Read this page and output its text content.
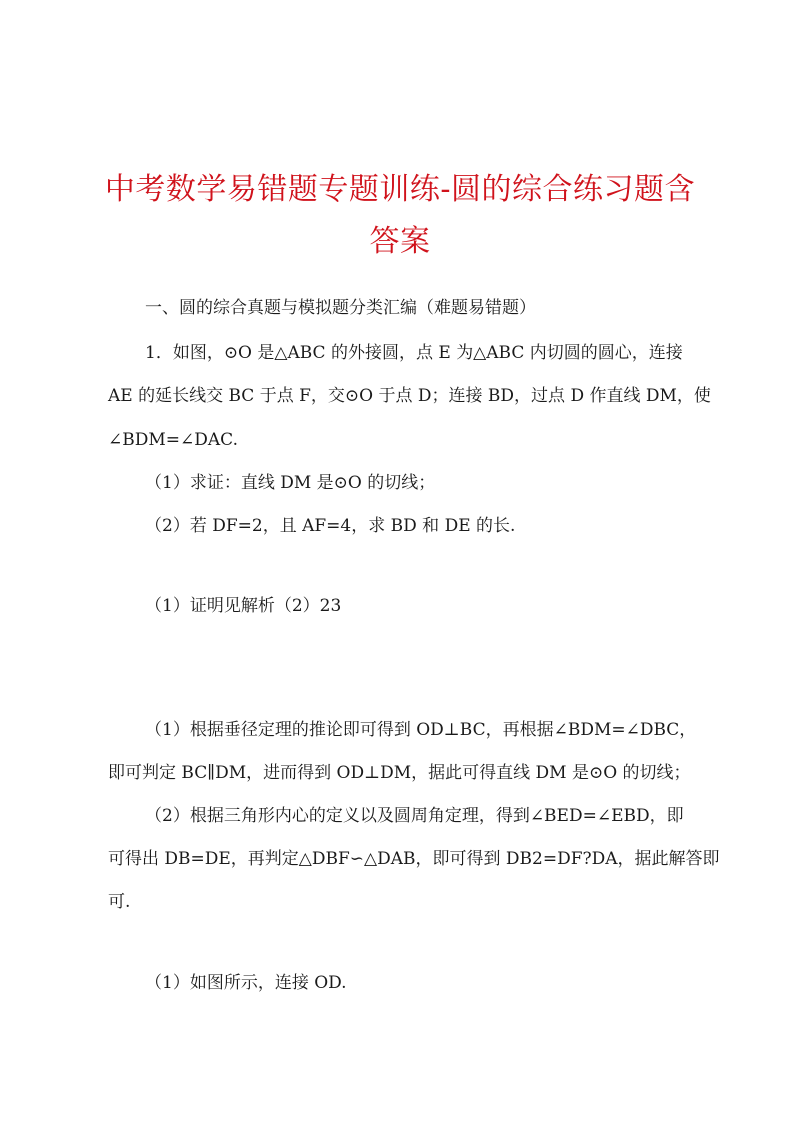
中考数学易错题专题训练-圆的综合练习题含
答案
一、圆的综合真题与模拟题分类汇编（难题易错题）
1．如图，⊙O 是△ABC 的外接圆，点 E 为△ABC 内切圆的圆心，连接
AE 的延长线交 BC 于点 F，交⊙O 于点 D；连接 BD，过点 D 作直线 DM，使
∠BDM=∠DAC.
（1）求证：直线 DM 是⊙O 的切线；
（2）若 DF=2，且 AF=4，求 BD 和 DE 的长.
（1）证明见解析（2）23
（1）根据垂径定理的推论即可得到 OD⊥BC，再根据∠BDM=∠DBC，
即可判定 BC∥DM，进而得到 OD⊥DM，据此可得直线 DM 是⊙O 的切线；
（2）根据三角形内心的定义以及圆周角定理，得到∠BED=∠EBD，即
可得出 DB=DE，再判定△DBF∽△DAB，即可得到 DB2=DF?DA，据此解答即
可.
（1）如图所示，连接 OD.
